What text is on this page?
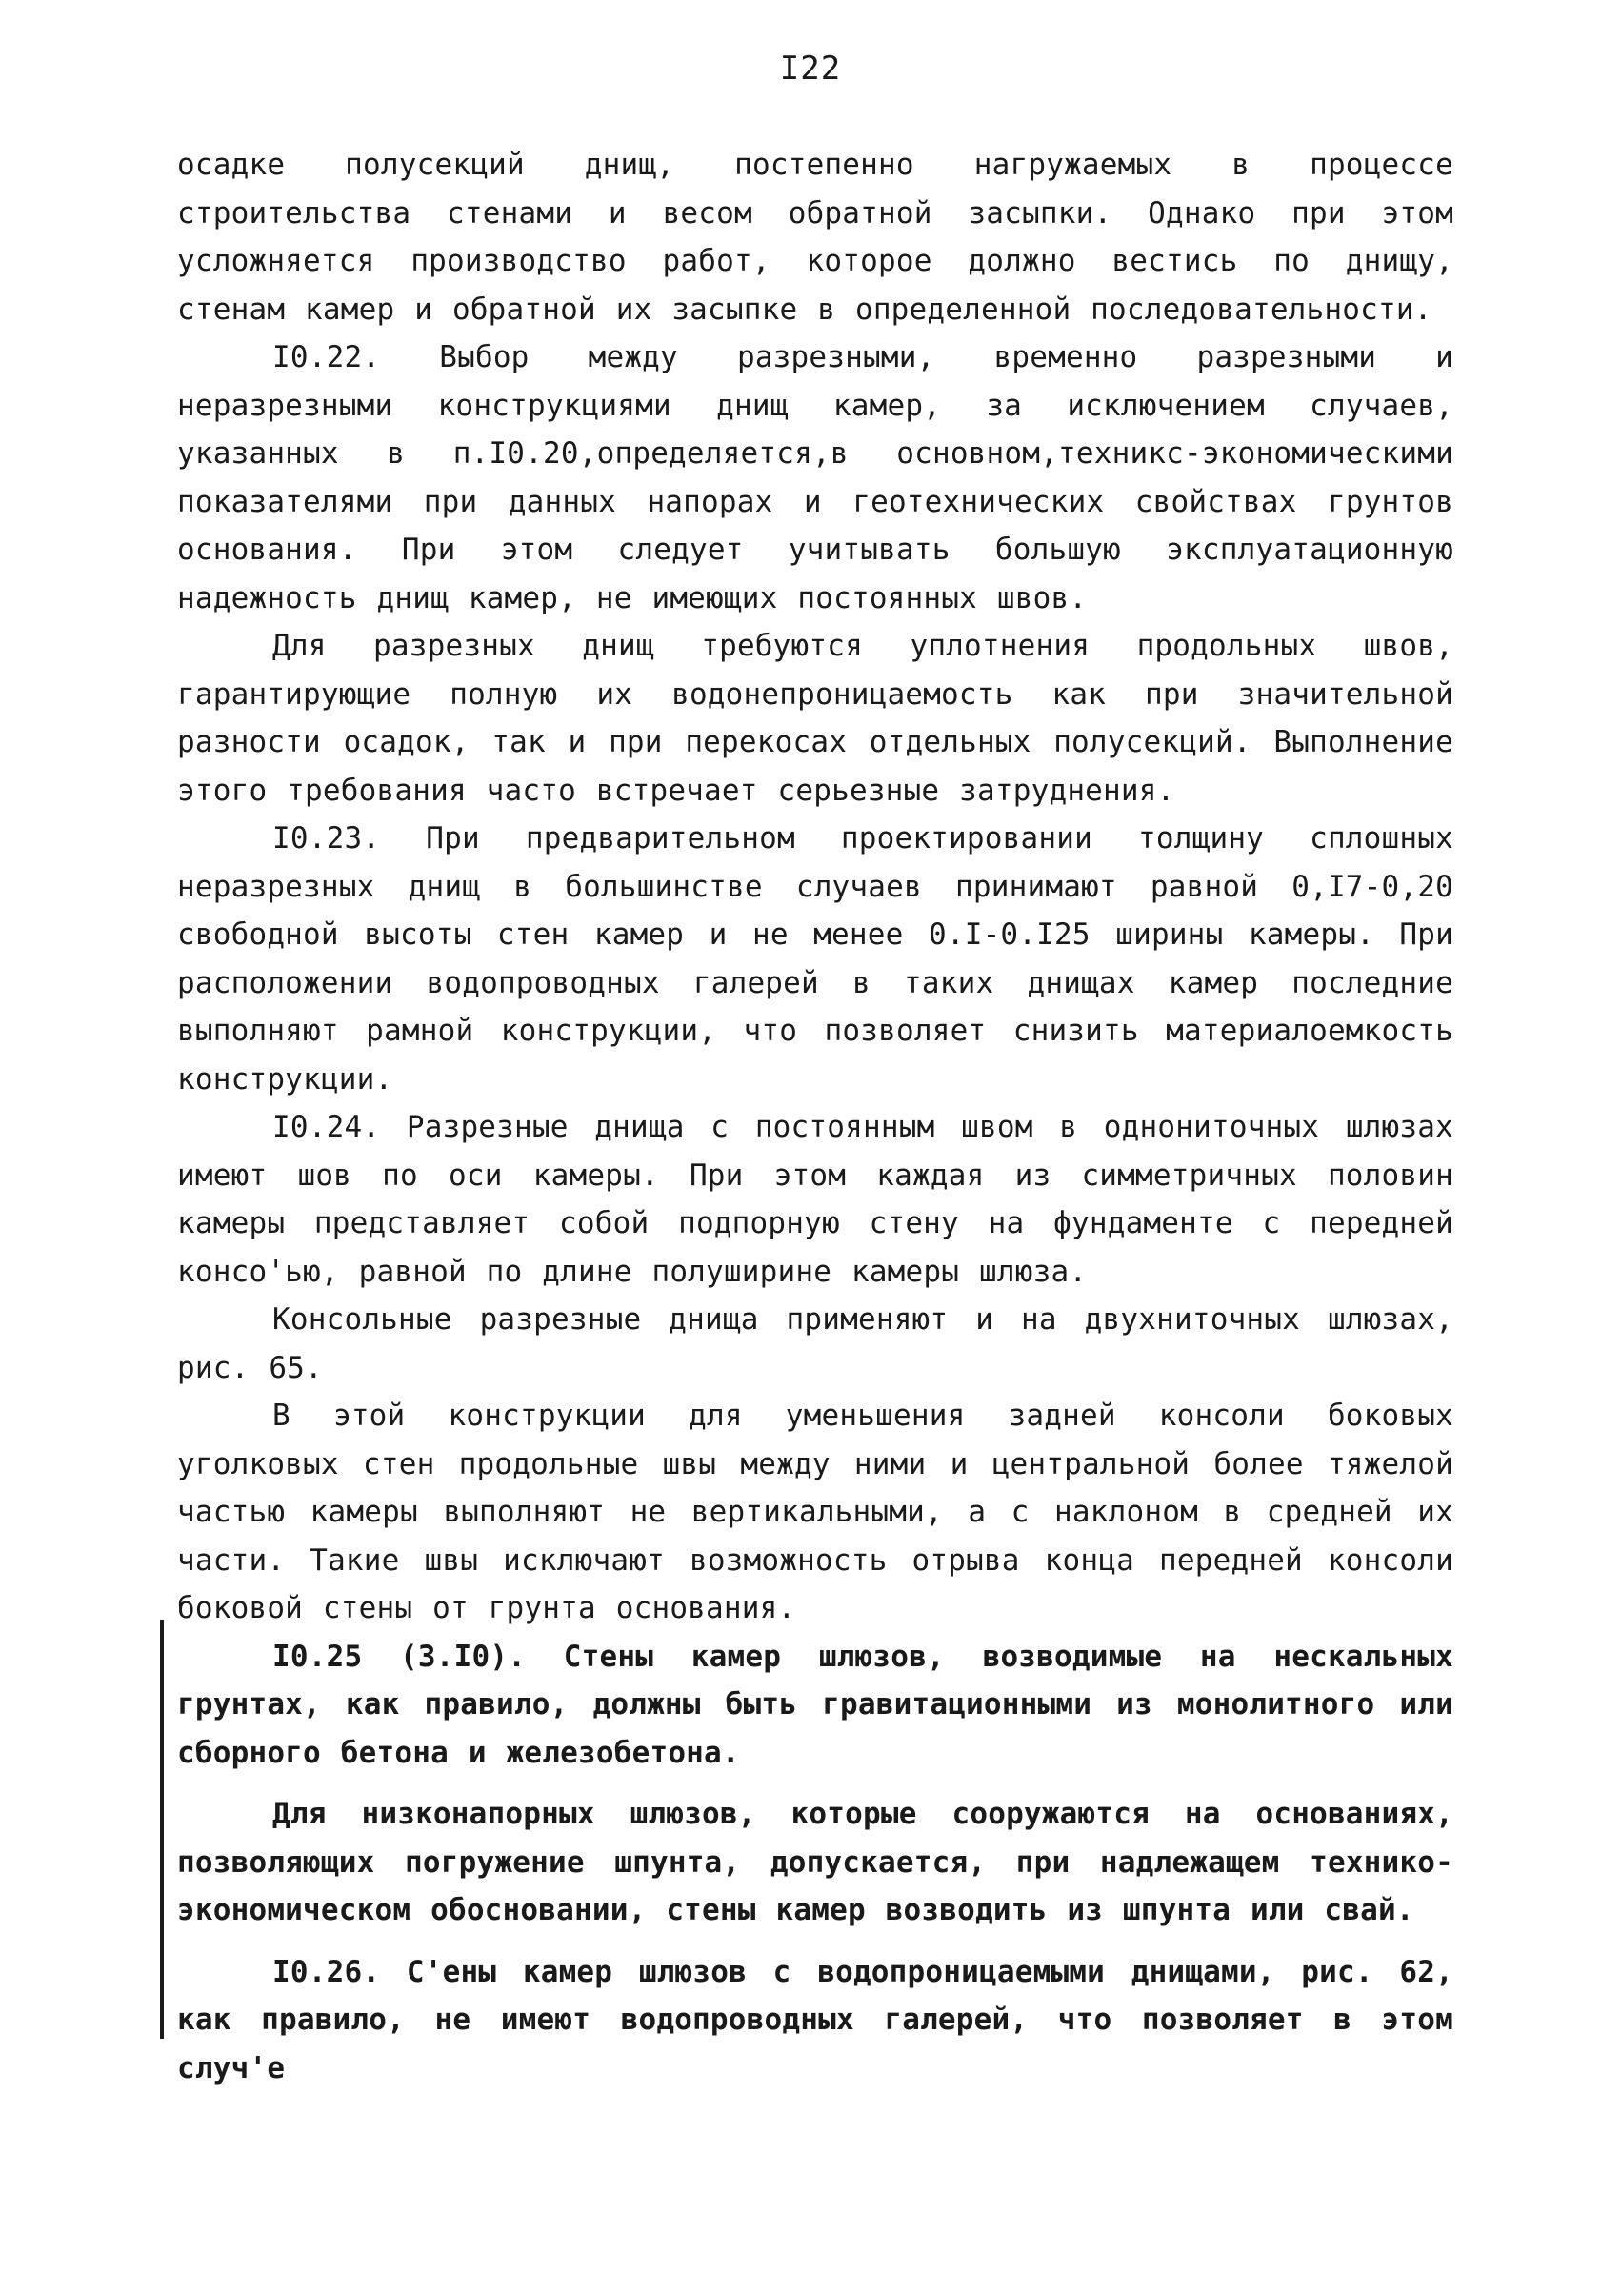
I22

осадке полусекций днищ, постепенно нагружаемых в процессе строительства стенами и весом обратной засыпки. Однако при этом усложняется производство работ, которое должно вестись по днищу, стенам камер и обратной их засыпке в определенной последовательности.

I0.22. Выбор между разрезными, временно разрезными и неразрезными конструкциями днищ камер, за исключением случаев, указанных в п.I0.20,определяется,в основном,техникс-экономическими показателями при данных напорах и геотехнических свойствах грунтов основания. При этом следует учитывать большую эксплуатационную надежность днищ камер, не имеющих постоянных швов.

Для разрезных днищ требуются уплотнения продольных швов, гарантирующие полную их водонепроницаемость как при значительной разности осадок, так и при перекосах отдельных полусекций. Выполнение этого требования часто встречает серьезные затруднения.

I0.23. При предварительном проектировании толщину сплошных неразрезных днищ в большинстве случаев принимают равной 0,I7-0,20 свободной высоты стен камер и не менее 0.I-0.I25 ширины камеры. При расположении водопроводных галерей в таких днищах камер последние выполняют рамной конструкции, что позволяет снизить материалоемкость конструкции.

I0.24. Разрезные днища с постоянным швом в однониточных шлюзах имеют шов по оси камеры. При этом каждая из симметричных половин камеры представляет собой подпорную стену на фундаменте с передней консо'ью, равной по длине полуширине камеры шлюза.

Консольные разрезные днища применяют и на двухниточных шлюзах, рис. 65.

В этой конструкции для уменьшения задней консоли боковых уголковых стен продольные швы между ними и центральной более тяжелой частью камеры выполняют не вертикальными, а с наклоном в средней их части. Такие швы исключают возможность отрыва конца передней консоли боковой стены от грунта основания.

I0.25 (3.I0). Стены камер шлюзов, возводимые на нескальных грунтах, как правило, должны быть гравитационными из монолитного или сборного бетона и железобетона.

Для низконапорных шлюзов, которые сооружаются на основаниях, позволяющих погружение шпунта, допускается, при надлежащем технико-экономическом обосновании, стены камер возводить из шпунта или свай.

I0.26. С'ены камер шлюзов с водопроницаемыми днищами, рис. 62, как правило, не имеют водопроводных галерей, что позволяет в этом случ'е
